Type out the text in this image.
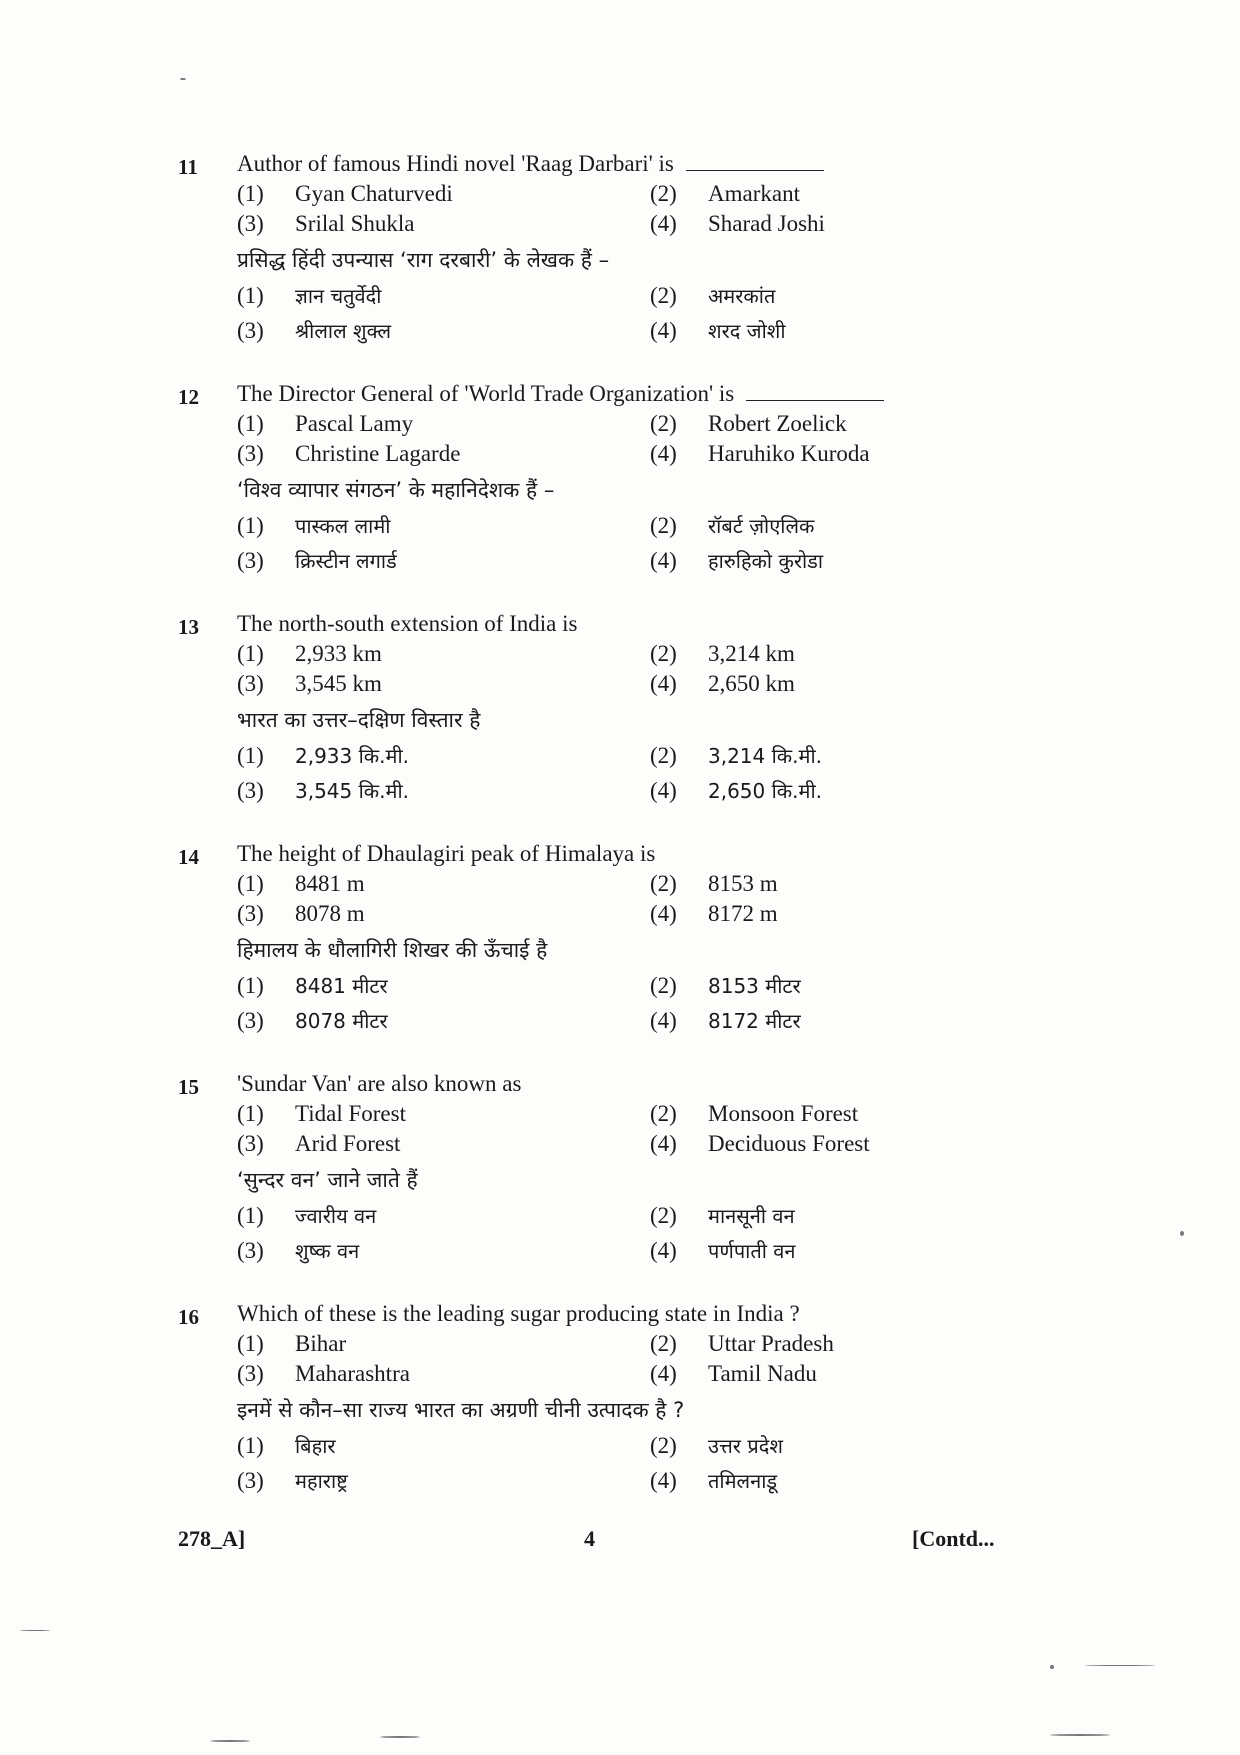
11 Author of famous Hindi novel 'Raag Darbari' is
(1) Gyan Chaturvedi	(2) Amarkant
(3) Srilal Shukla	(4) Sharad Joshi
प्रसिद्ध हिंदी उपन्यास ‘राग दरबारी’ के लेखक हैं –
(1) ज्ञान चतुर्वेदी	(2) अमरकांत
(3) श्रीलाल शुक्ल	(4) शरद जोशी
12 The Director General of 'World Trade Organization' is
(1) Pascal Lamy	(2) Robert Zoelick
(3) Christine Lagarde	(4) Haruhiko Kuroda
‘विश्व व्यापार संगठन’ के महानिदेशक हैं –
(1) पास्कल लामी	(2) रॉबर्ट ज़ोएलिक
(3) क्रिस्टीन लगार्ड	(4) हारुहिको कुरोडा
13 The north-south extension of India is
(1) 2,933 km	(2) 3,214 km
(3) 3,545 km	(4) 2,650 km
भारत का उत्तर–दक्षिण विस्तार है
(1) 2,933 कि.मी.	(2) 3,214 कि.मी.
(3) 3,545 कि.मी.	(4) 2,650 कि.मी.
14 The height of Dhaulagiri peak of Himalaya is
(1) 8481 m	(2) 8153 m
(3) 8078 m	(4) 8172 m
हिमालय के धौलागिरी शिखर की ऊँचाई है
(1) 8481 मीटर	(2) 8153 मीटर
(3) 8078 मीटर	(4) 8172 मीटर
15 'Sundar Van' are also known as
(1) Tidal Forest	(2) Monsoon Forest
(3) Arid Forest	(4) Deciduous Forest
‘सुन्दर वन’ जाने जाते हैं
(1) ज्वारीय वन	(2) मानसूनी वन
(3) शुष्क वन	(4) पर्णपाती वन
16 Which of these is the leading sugar producing state in India ?
(1) Bihar	(2) Uttar Pradesh
(3) Maharashtra	(4) Tamil Nadu
इनमें से कौन–सा राज्य भारत का अग्रणी चीनी उत्पादक है ?
(1) बिहार	(2) उत्तर प्रदेश
(3) महाराष्ट्र	(4) तमिलनाडू
278_A]	4	[Contd...
